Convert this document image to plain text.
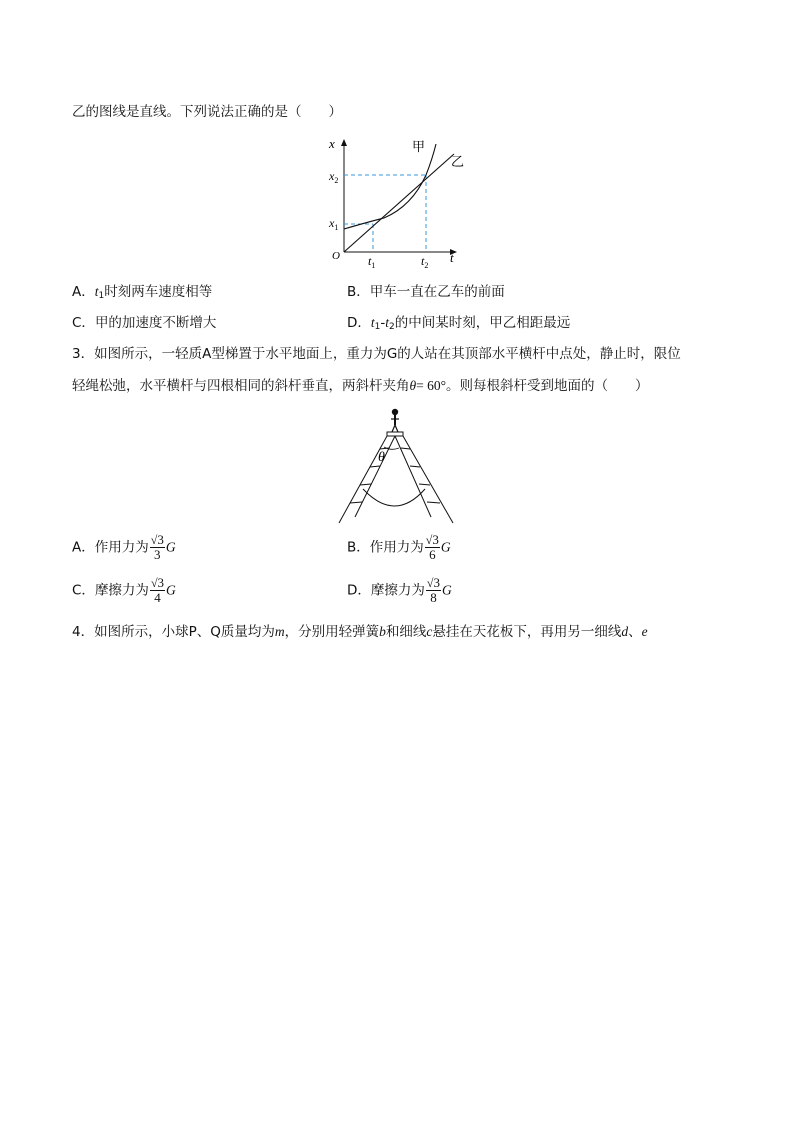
乙的图线是直线。下列说法正确的是（　　）
x
t
O
$x_2$
$x_1$
$t_1$	$t_2$
甲
乙
A．$t_1$时刻两车速度相等	B．甲车一直在乙车的前面
C．甲的加速度不断增大	D．$t_1-t_2$的中间某时刻，甲乙相距最远
3．如图所示，一轻质A型梯置于水平地面上，重力为G的人站在其顶部水平横杆中点处，静止时，限位
轻绳松弛，水平横杆与四根相同的斜杆垂直，两斜杆夹角θ= 60°。则每根斜杆受到地面的（　　）
θ
A．作用力为 $\frac{√3}{3}$ G	B．作用力为 $\frac{√3}{6}$ G
C．摩擦力为 $\frac{√3}{4}$ G	D．摩擦力为 $\frac{√3}{8}$ G
4．如图所示，小球P、Q质量均为m，分别用轻弹簧b和细线c悬挂在天花板下，再用另一细线d、e
